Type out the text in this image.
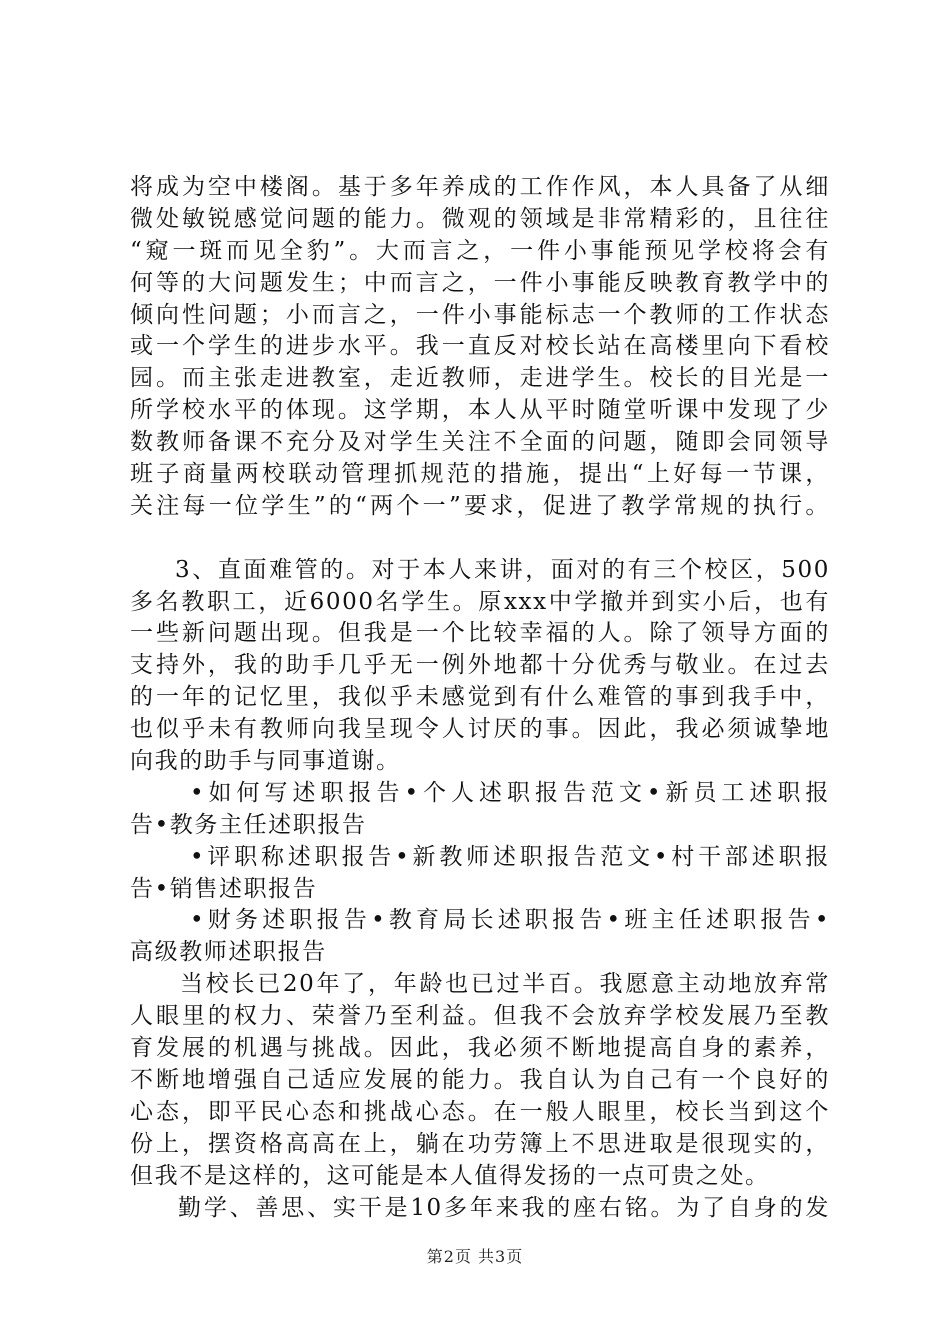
将成为空中楼阁。基于多年养成的工作作风，本人具备了从细
微处敏锐感觉问题的能力。微观的领域是非常精彩的，且往往
“窥一斑而见全豹”。大而言之，一件小事能预见学校将会有
何等的大问题发生；中而言之，一件小事能反映教育教学中的
倾向性问题；小而言之，一件小事能标志一个教师的工作状态
或一个学生的进步水平。我一直反对校长站在高楼里向下看校
园。而主张走进教室，走近教师，走进学生。校长的目光是一
所学校水平的体现。这学期，本人从平时随堂听课中发现了少
数教师备课不充分及对学生关注不全面的问题，随即会同领导
班子商量两校联动管理抓规范的措施，提出“上好每一节课，
关注每一位学生”的“两个一”要求，促进了教学常规的执行。
3、直面难管的。对于本人来讲，面对的有三个校区，500
多名教职工，近6000名学生。原xxx中学撤并到实小后，也有
一些新问题出现。但我是一个比较幸福的人。除了领导方面的
支持外，我的助手几乎无一例外地都十分优秀与敬业。在过去
的一年的记忆里，我似乎未感觉到有什么难管的事到我手中，
也似乎未有教师向我呈现令人讨厌的事。因此，我必须诚挚地
向我的助手与同事道谢。
•如何写述职报告•个人述职报告范文•新员工述职报
告•教务主任述职报告
•评职称述职报告•新教师述职报告范文•村干部述职报
告•销售述职报告
•财务述职报告•教育局长述职报告•班主任述职报告•
高级教师述职报告
当校长已20年了，年龄也已过半百。我愿意主动地放弃常
人眼里的权力、荣誉乃至利益。但我不会放弃学校发展乃至教
育发展的机遇与挑战。因此，我必须不断地提高自身的素养，
不断地增强自己适应发展的能力。我自认为自己有一个良好的
心态，即平民心态和挑战心态。在一般人眼里，校长当到这个
份上，摆资格高高在上，躺在功劳簿上不思进取是很现实的，
但我不是这样的，这可能是本人值得发扬的一点可贵之处。
勤学、善思、实干是10多年来我的座右铭。为了自身的发
第2页 共3页
